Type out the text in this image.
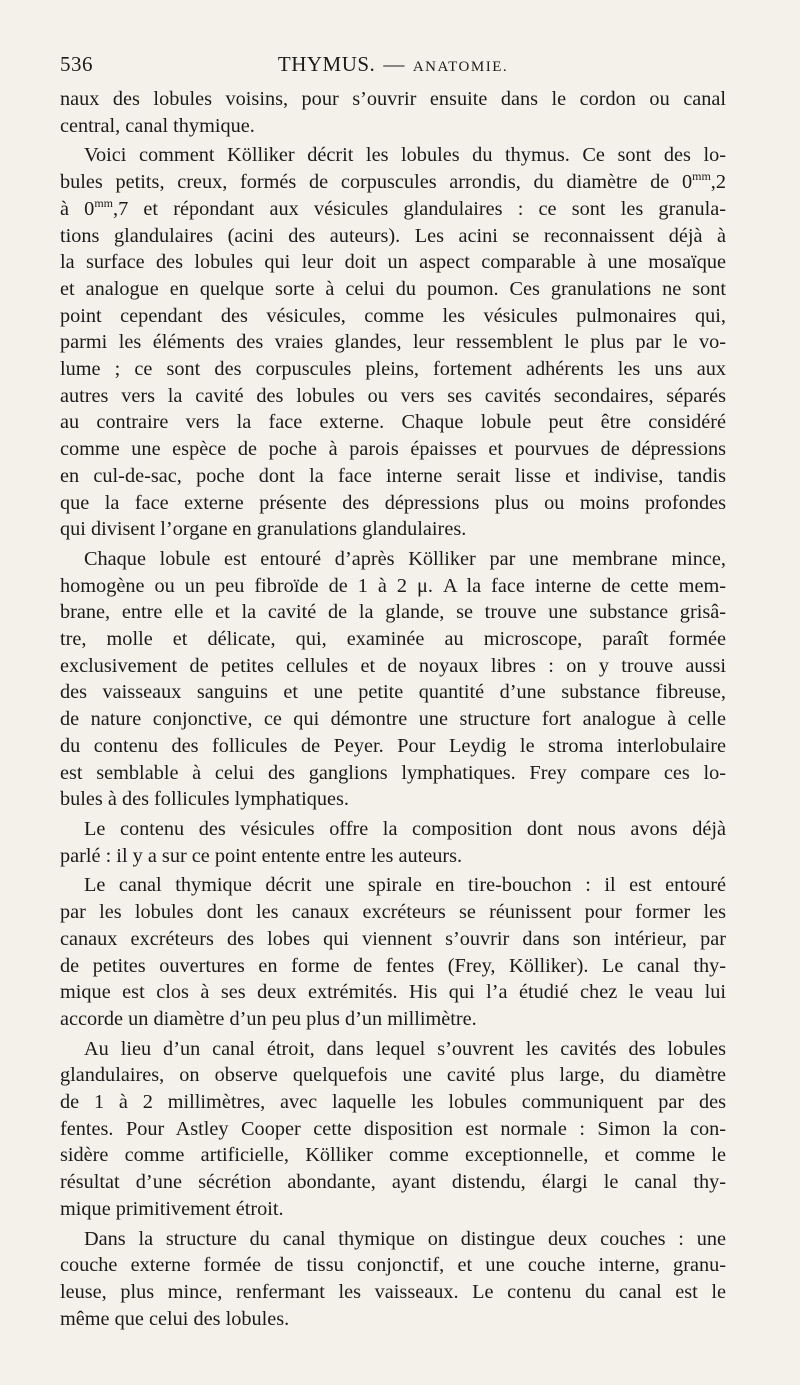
536	THYMUS. — ANATOMIE.
naux des lobules voisins, pour s’ouvrir ensuite dans le cordon ou canal
central, canal thymique.
Voici comment Kölliker décrit les lobules du thymus. Ce sont des lo-
bules petits, creux, formés de corpuscules arrondis, du diamètre de $0^{mm},2$
à $0^{mm},7$ et répondant aux vésicules glandulaires : ce sont les granula-
tions glandulaires (acini des auteurs). Les acini se reconnaissent déjà à
la surface des lobules qui leur doit un aspect comparable à une mosaïque
et analogue en quelque sorte à celui du poumon. Ces granulations ne sont
point cependant des vésicules, comme les vésicules pulmonaires qui,
parmi les éléments des vraies glandes, leur ressemblent le plus par le vo-
lume ; ce sont des corpuscules pleins, fortement adhérents les uns aux
autres vers la cavité des lobules ou vers ses cavités secondaires, séparés
au contraire vers la face externe. Chaque lobule peut être considéré
comme une espèce de poche à parois épaisses et pourvues de dépressions
en cul-de-sac, poche dont la face interne serait lisse et indivise, tandis
que la face externe présente des dépressions plus ou moins profondes
qui divisent l’organe en granulations glandulaires.
Chaque lobule est entouré d’après Kölliker par une membrane mince,
homogène ou un peu fibroïde de 1 à 2 μ. A la face interne de cette mem-
brane, entre elle et la cavité de la glande, se trouve une substance grisâ-
tre, molle et délicate, qui, examinée au microscope, paraît formée
exclusivement de petites cellules et de noyaux libres : on y trouve aussi
des vaisseaux sanguins et une petite quantité d’une substance fibreuse,
de nature conjonctive, ce qui démontre une structure fort analogue à celle
du contenu des follicules de Peyer. Pour Leydig le stroma interlobulaire
est semblable à celui des ganglions lymphatiques. Frey compare ces lo-
bules à des follicules lymphatiques.
Le contenu des vésicules offre la composition dont nous avons déjà
parlé : il y a sur ce point entente entre les auteurs.
Le canal thymique décrit une spirale en tire-bouchon : il est entouré
par les lobules dont les canaux excréteurs se réunissent pour former les
canaux excréteurs des lobes qui viennent s’ouvrir dans son intérieur, par
de petites ouvertures en forme de fentes (Frey, Kölliker). Le canal thy-
mique est clos à ses deux extrémités. His qui l’a étudié chez le veau lui
accorde un diamètre d’un peu plus d’un millimètre.
Au lieu d’un canal étroit, dans lequel s’ouvrent les cavités des lobules
glandulaires, on observe quelquefois une cavité plus large, du diamètre
de 1 à 2 millimètres, avec laquelle les lobules communiquent par des
fentes. Pour Astley Cooper cette disposition est normale : Simon la con-
sidère comme artificielle, Kölliker comme exceptionnelle, et comme le
résultat d’une sécrétion abondante, ayant distendu, élargi le canal thy-
mique primitivement étroit.
Dans la structure du canal thymique on distingue deux couches : une
couche externe formée de tissu conjonctif, et une couche interne, granu-
leuse, plus mince, renfermant les vaisseaux. Le contenu du canal est le
même que celui des lobules.
